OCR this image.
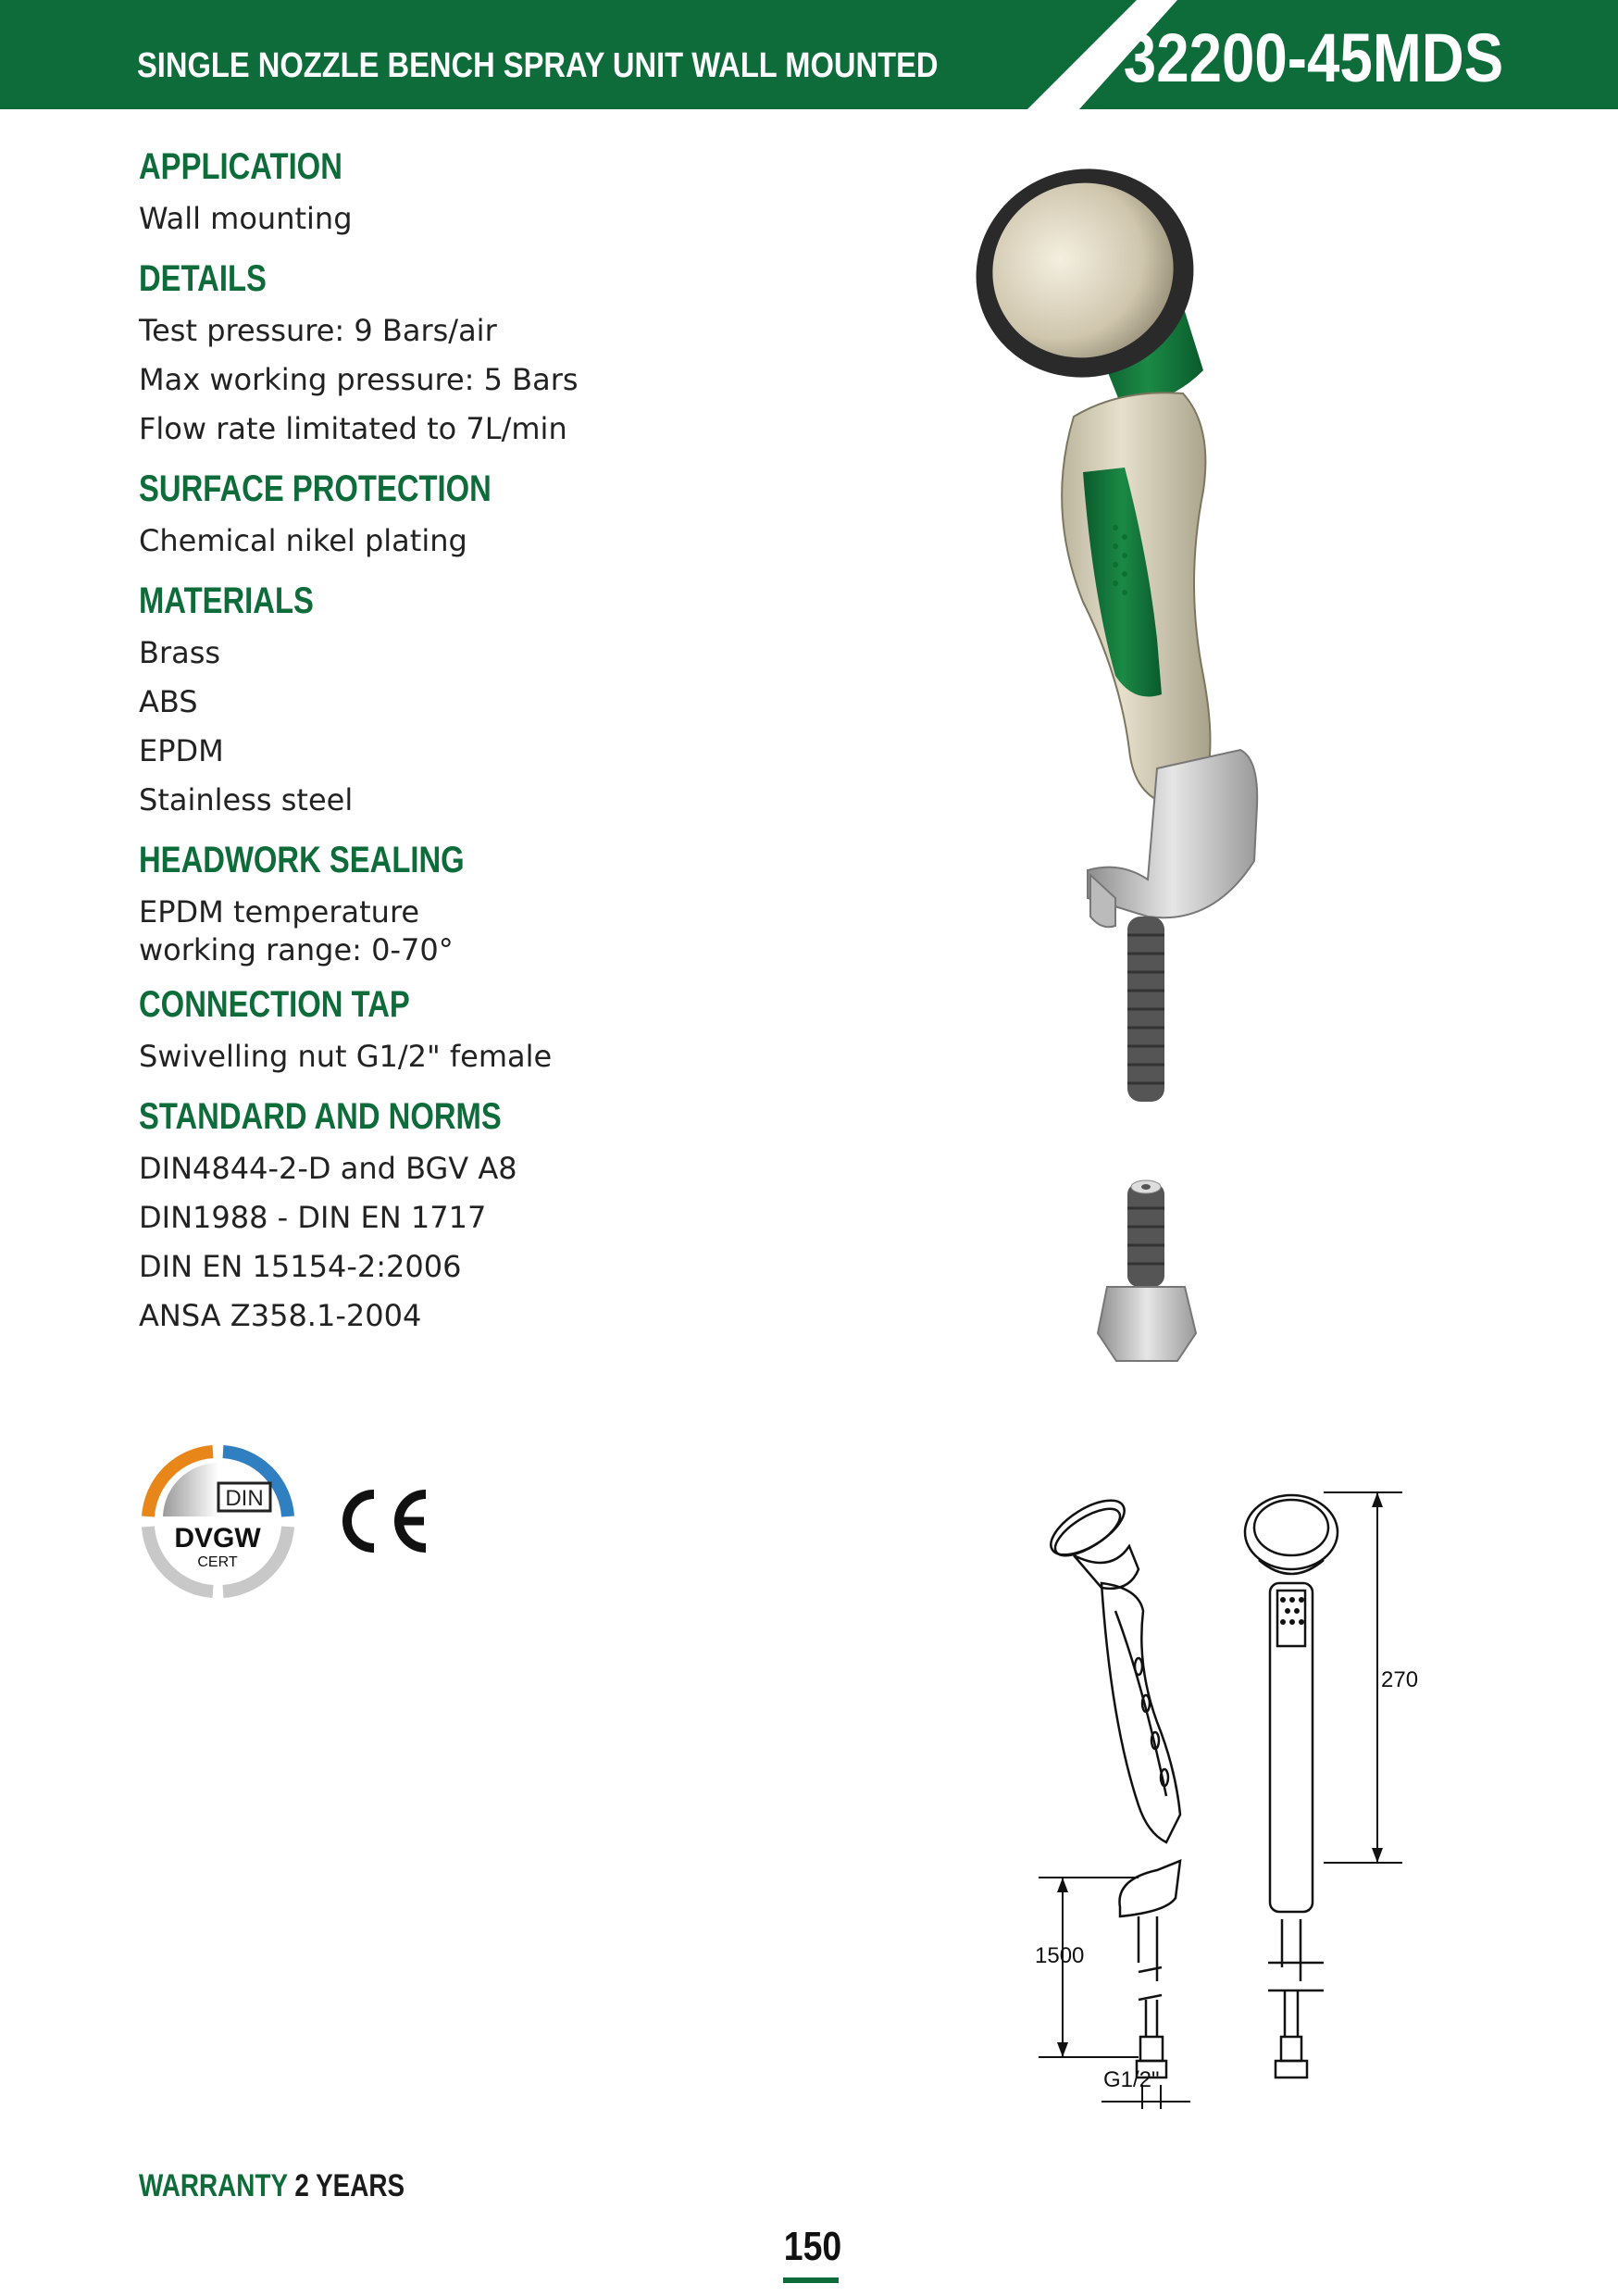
SINGLE NOZZLE BENCH SPRAY UNIT WALL MOUNTED	32200-45MDS
APPLICATION

Wall mounting

DETAILS

Test pressure: 9 Bars/air

Max working pressure: 5 Bars

Flow rate limitated to 7L/min

SURFACE PROTECTION

Chemical nikel plating

MATERIALS

Brass

ABS

EPDM

Stainless steel

HEADWORK SEALING

EPDM temperature working range: 0-70°

CONNECTION TAP

Swivelling nut G1/2" female

STANDARD AND NORMS

DIN4844-2-D and BGV A8

DIN1988 - DIN EN 1717

DIN EN 15154-2:2006

ANSA Z358.1-2004

DIN
DVGW
CERT
270
1500
G1/2"
WARRANTY 2 YEARS
150
